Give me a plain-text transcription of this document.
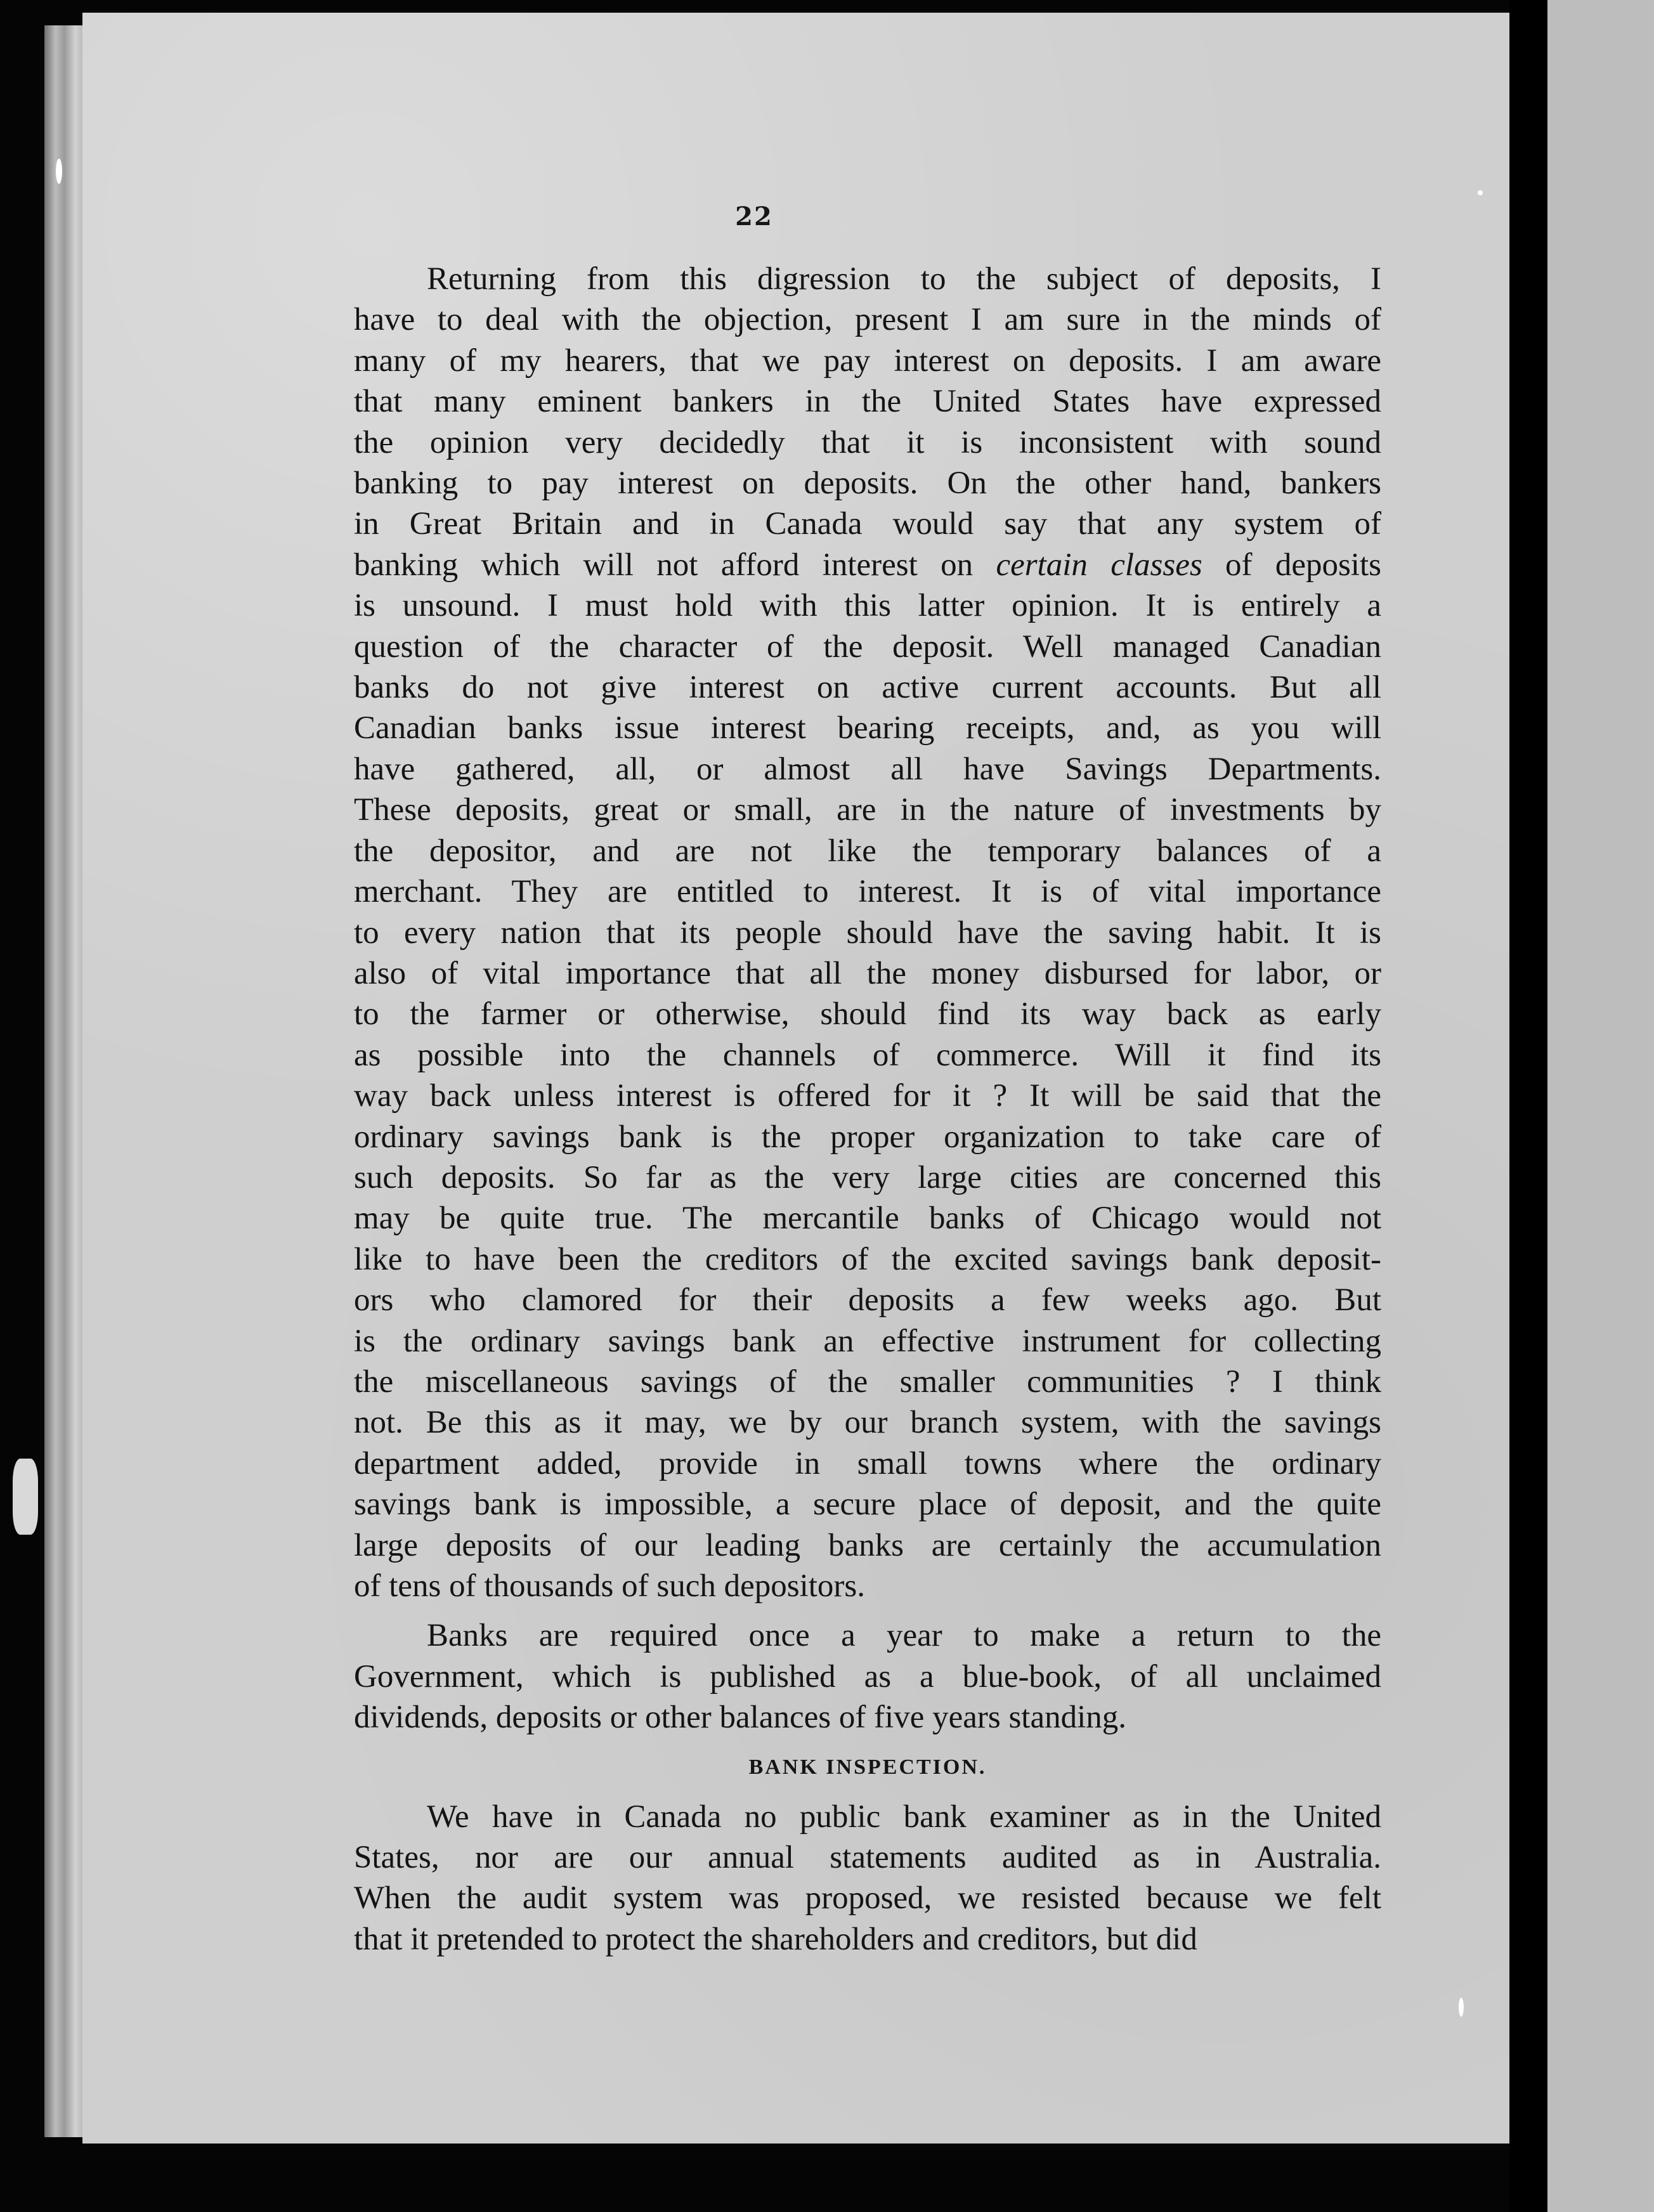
22

Returning from this digression to the subject of deposits, I

have to deal with the objection, present I am sure in the minds of

many of my hearers, that we pay interest on deposits. I am aware

that many eminent bankers in the United States have expressed

the opinion very decidedly that it is inconsistent with sound

banking to pay interest on deposits. On the other hand, bankers

in Great Britain and in Canada would say that any system of

banking which will not afford interest on certain classes of deposits

is unsound. I must hold with this latter opinion. It is entirely a

question of the character of the deposit. Well managed Canadian

banks do not give interest on active current accounts. But all

Canadian banks issue interest bearing receipts, and, as you will

have gathered, all, or almost all have Savings Departments.

These deposits, great or small, are in the nature of investments by

the depositor, and are not like the temporary balances of a

merchant. They are entitled to interest. It is of vital importance

to every nation that its people should have the saving habit. It is

also of vital importance that all the money disbursed for labor, or

to the farmer or otherwise, should find its way back as early

as possible into the channels of commerce. Will it find its

way back unless interest is offered for it ? It will be said that the

ordinary savings bank is the proper organization to take care of

such deposits. So far as the very large cities are concerned this

may be quite true. The mercantile banks of Chicago would not

like to have been the creditors of the excited savings bank deposit-

ors who clamored for their deposits a few weeks ago. But

is the ordinary savings bank an effective instrument for collecting

the miscellaneous savings of the smaller communities ? I think

not. Be this as it may, we by our branch system, with the savings

department added, provide in small towns where the ordinary

savings bank is impossible, a secure place of deposit, and the quite

large deposits of our leading banks are certainly the accumulation

of tens of thousands of such depositors.

Banks are required once a year to make a return to the

Government, which is published as a blue-book, of all unclaimed

dividends, deposits or other balances of five years standing.

BANK INSPECTION.

We have in Canada no public bank examiner as in the United

States, nor are our annual statements audited as in Australia.

When the audit system was proposed, we resisted because we felt

that it pretended to protect the shareholders and creditors, but did
